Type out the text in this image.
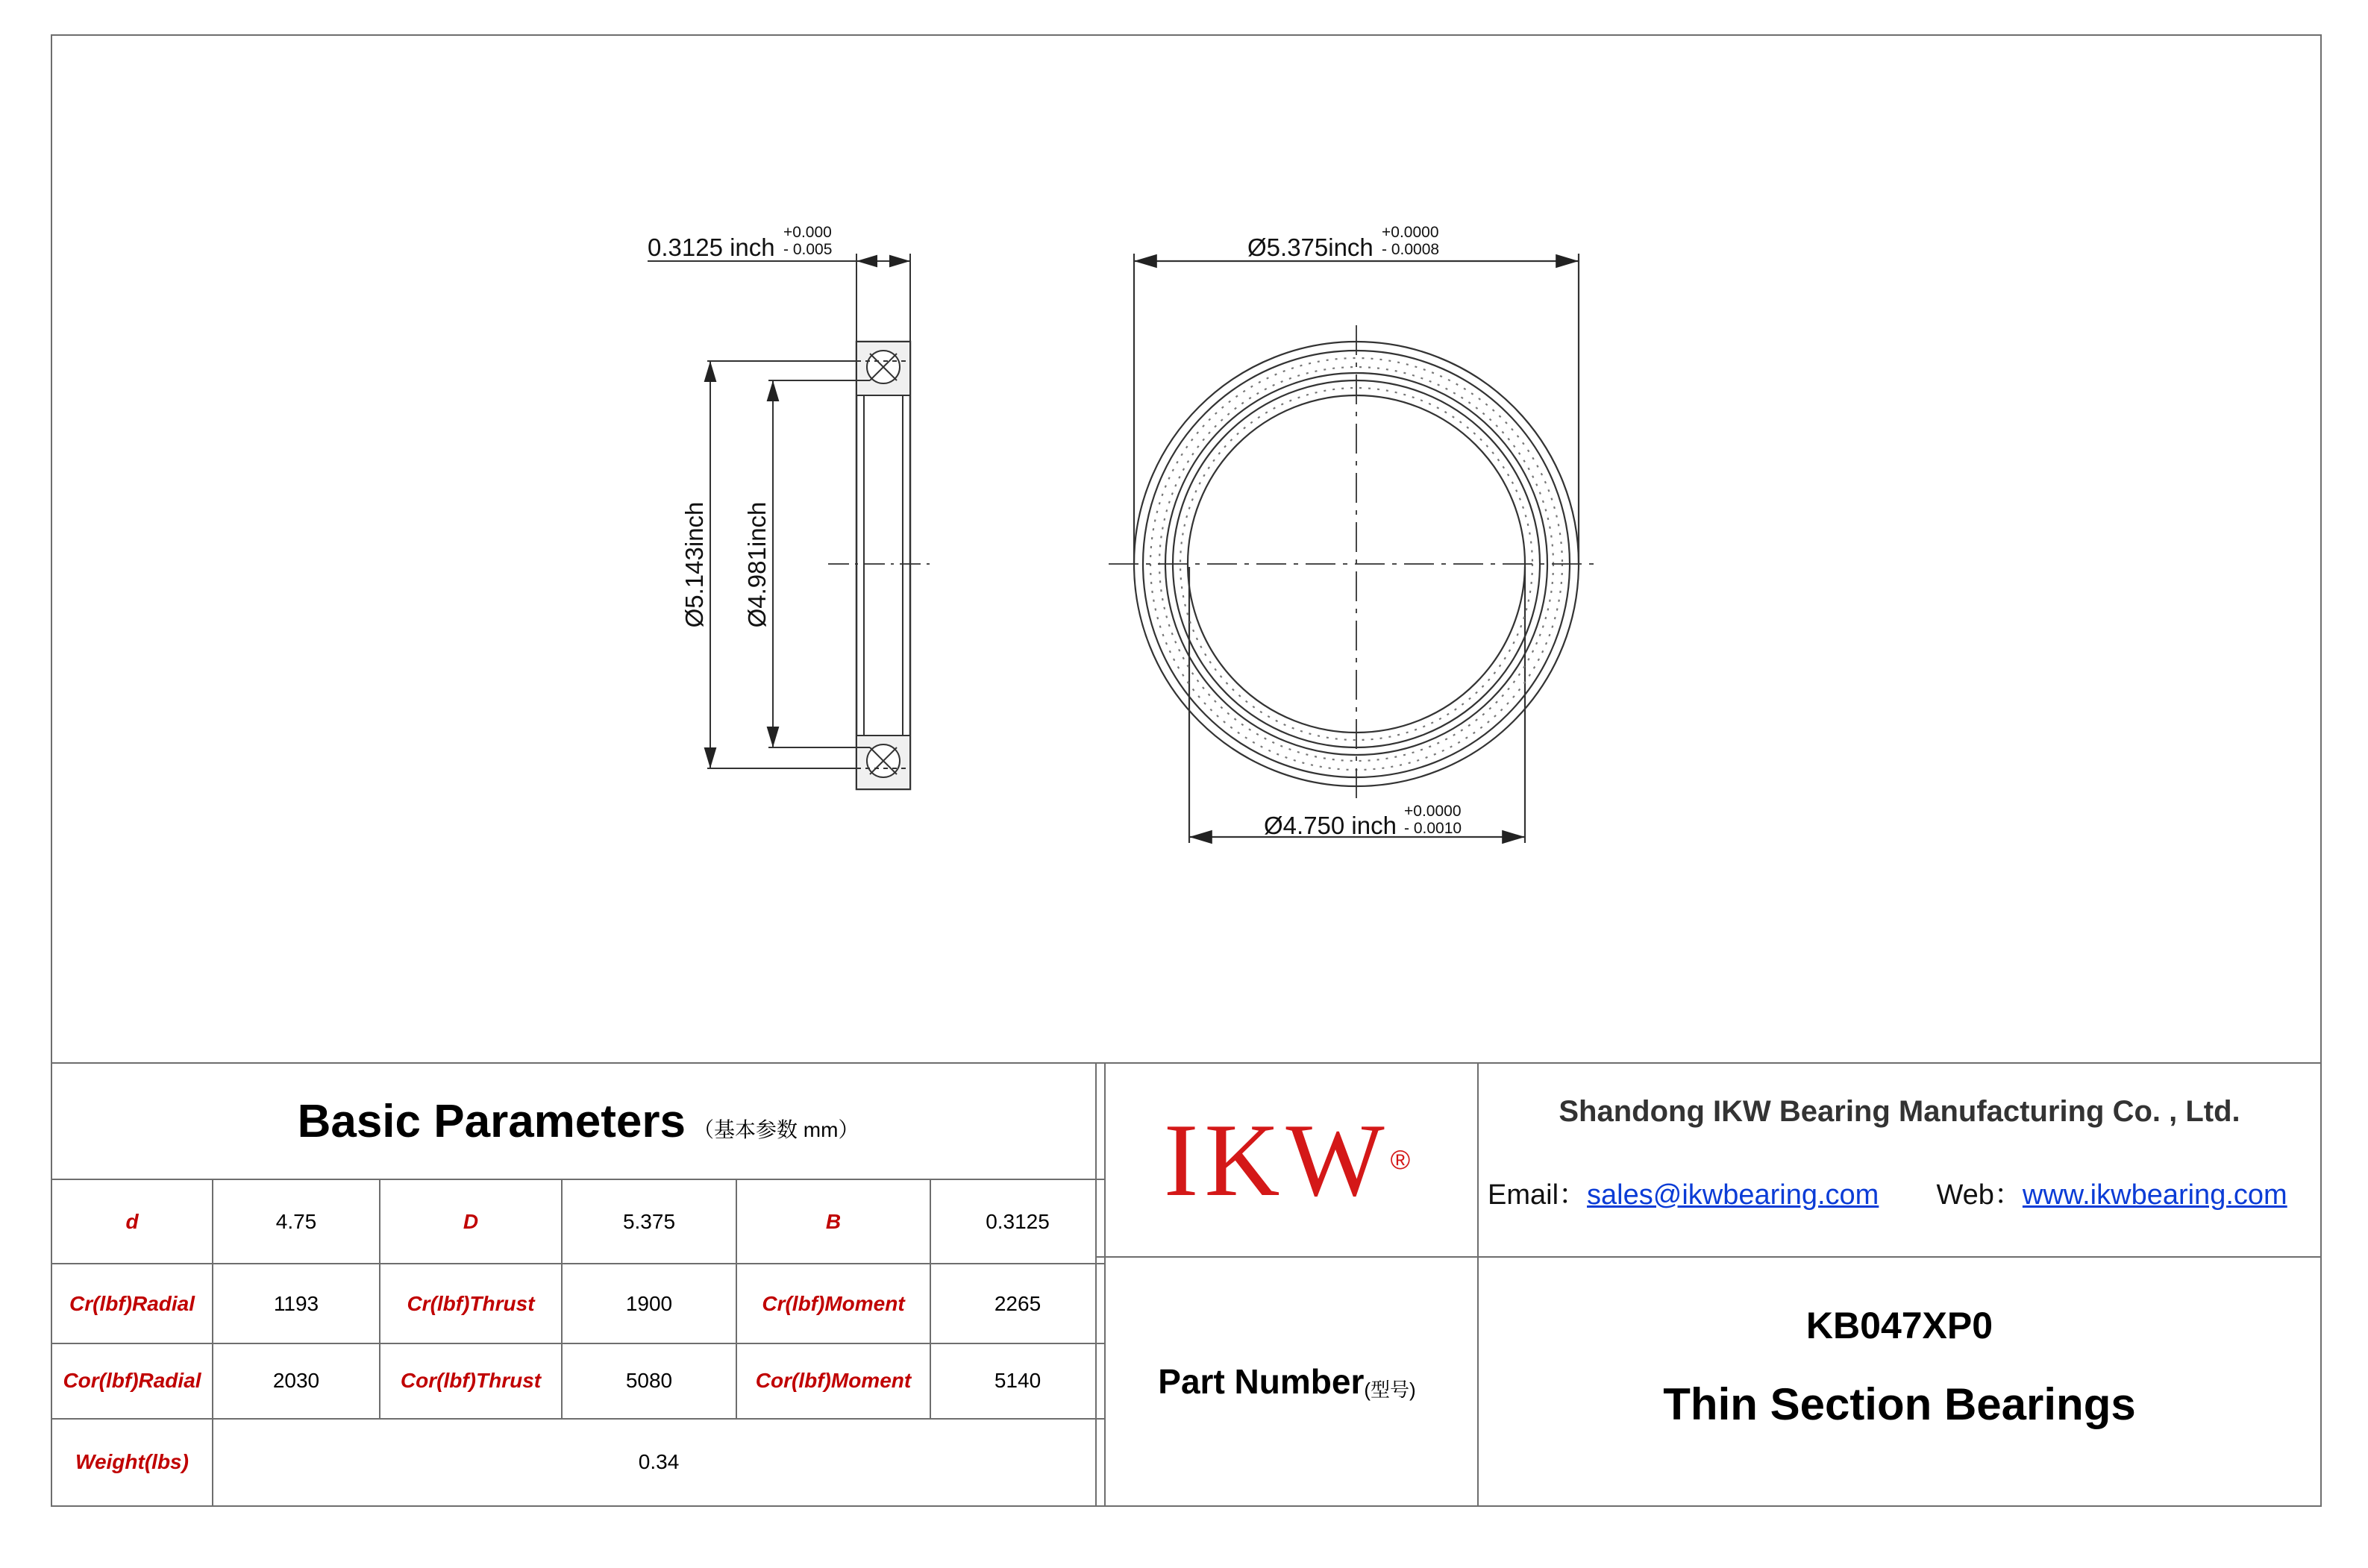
0.3125 inch
+0.000
- 0.005
Ø5.143inch Ø4.981inch
Ø5.375inch
+0.0000
- 0.0008
Ø4.750 inch
+0.0000
- 0.0010
Basic Parameters （基本参数 mm）					
d	4.75	D	5.375	B	0.3125
Cr(lbf)Radial	1193	Cr(lbf)Thrust	1900	Cr(lbf)Moment	2265
Cor(lbf)Radial	2030	Cor(lbf)Thrust	5080	Cor(lbf)Moment	5140
Weight(lbs)	0.34				
IKW ®
Shandong IKW Bearing Manufacturing Co. , Ltd.
Email：sales@ikwbearing.com Web：www.ikwbearing.com
Part Number (型号)
KB047XP0
Thin Section Bearings
